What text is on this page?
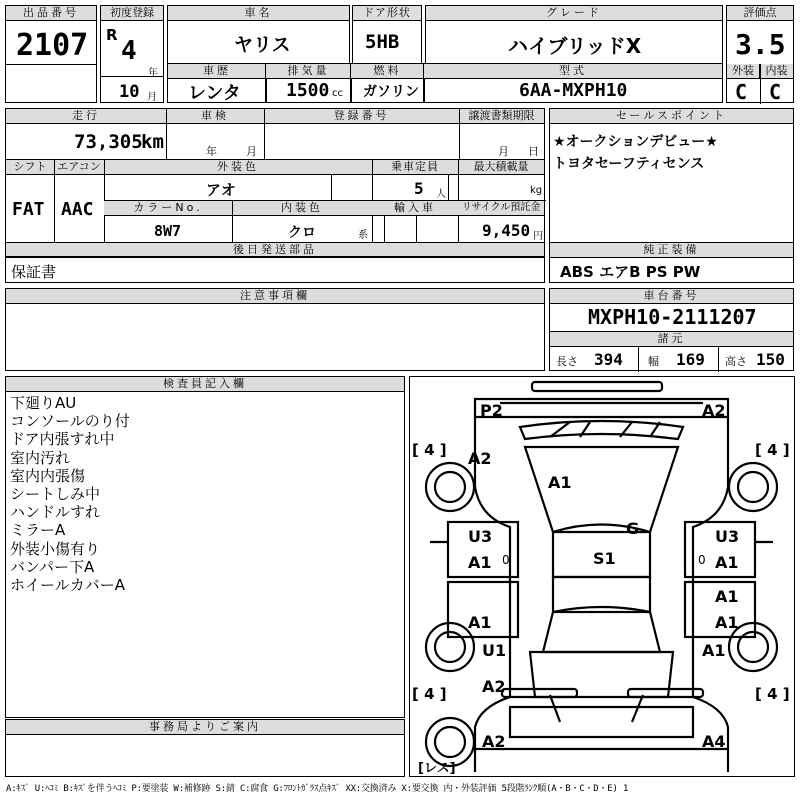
出品番号
2107
初度登録
R
4
年
10 月
車名
ヤリス
ドア形状
5HB
グレード
ハイブリッドX
評価点
3.5
外装	内装
C C
車歴
レンタ
排気量
1500 cc
燃料
ガソリン
型式
6AA-MXPH10
走行	車検	登録番号	譲渡書類期限
73,305
km	年	月	月 日
シフト エアコン	外装色	乗車定員	最大積載量
FAT AAC
アオ	5 人	kg
カラーNo.	内装色	輸入車	リサイクル預託金
8W7	クロ	系	9,450 円
後日発送部品
保証書
セールスポイント
★オークションデビュー★
トヨタセーフティセンス
純正装備
ABS エアB PS PW
注意事項欄	車台番号
MXPH10-2111207
諸元
長さ 394 幅 169 高さ 150
検査員記入欄
下廻りAU
コンソールのり付
ドア内張すれ中
室内汚れ
室内内張傷
シートしみ中
ハンドルすれ
ミラーA
外装小傷有り
バンパー下A
ホイールカバーA
事務局よりご案内
P2	A2
A2
A1
G
U3
A1
U3
A1
S1
A1
A1
A1
U1
A1
A2
A2	A4
[ 4 ]	[ 4 ]
[ 4 ]	[ 4 ]
[レス]
0	0
A:ｷｽﾞ U:ﾍｺﾐ B:ｷｽﾞを伴うﾍｺﾐ P:要塗装 W:補修跡 S:錆 C:腐食 G:ﾌﾛﾝﾄｶﾞﾗｽ点ｷｽﾞ XX:交換済み X:要交換 内・外装評価 5段階ﾗﾝｸ順(A・B・C・D・E) 1
